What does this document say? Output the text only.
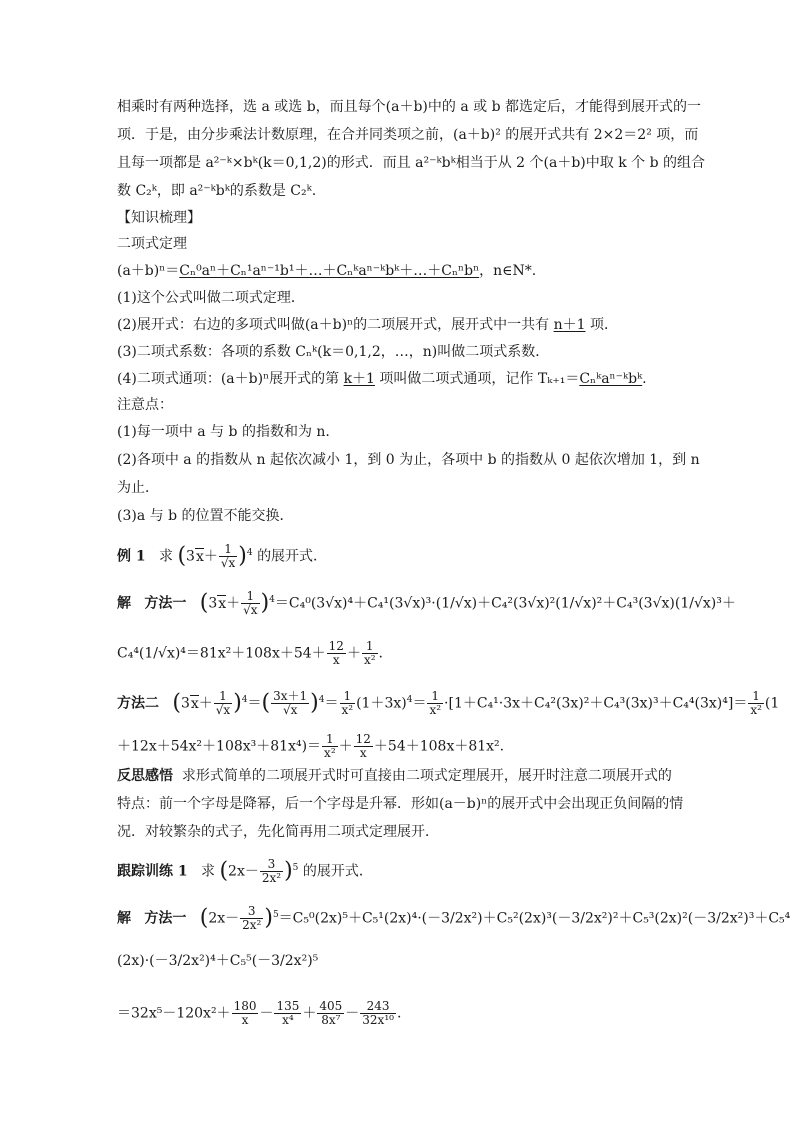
相乘时有两种选择，选 a 或选 b，而且每个(a＋b)中的 a 或 b 都选定后，才能得到展开式的一
项．于是，由分步乘法计数原理，在合并同类项之前，(a＋b)² 的展开式共有 2×2＝2² 项，而
且每一项都是 a²⁻ᵏ×bᵏ(k＝0,1,2)的形式．而且 a²⁻ᵏbᵏ相当于从 2 个(a＋b)中取 k 个 b 的组合
数 C₂ᵏ，即 a²⁻ᵏbᵏ的系数是 C₂ᵏ.
【知识梳理】
二项式定理
(a＋b)ⁿ＝Cₙ⁰aⁿ＋Cₙ¹aⁿ⁻¹b¹＋…＋Cₙᵏaⁿ⁻ᵏbᵏ＋…＋Cₙⁿbⁿ，n∈N*.
(1)这个公式叫做二项式定理．
(2)展开式：右边的多项式叫做(a＋b)ⁿ的二项展开式，展开式中一共有 n＋1 项．
(3)二项式系数：各项的系数 Cₙᵏ(k＝0,1,2，…，n)叫做二项式系数．
(4)二项式通项：(a＋b)ⁿ展开式的第 k＋1 项叫做二项式通项，记作 Tₖ₊₁＝Cₙᵏaⁿ⁻ᵏbᵏ.
注意点：
(1)每一项中 a 与 b 的指数和为 n.
(2)各项中 a 的指数从 n 起依次减小 1，到 0 为止，各项中 b 的指数从 0 起依次增加 1，到 n
为止．
(3)a 与 b 的位置不能交换．
例 1 求 $(3x+ \frac{1}{√x} )^4$ 的展开式．
解 方法一 $(3x+ \frac{1}{√x} )^4=C_4^0(3√x)^4+C_4^1(3√x)^3\cdot(1/√x)+C_4^2(3√x)^2(1/√x)^2+C_4^3(3√x)(1/√x)^3+$
$C_4^4(1/√x)^4=81x^2+108x+54+ \frac{12}{x} + \frac{1}{\text{x²}}$ .
方法二 $(3x+ \frac{1}{√x} )^4=( \frac{3x+1}{√x} )^4= \frac{1}{\text{x²}} (1+3x)^4= \frac{1}{\text{x²}} \cdot[1+C_4^1\cdot 3x+C_4^2(3x)^2+C_4^3(3x)^3+C_4^4(3x)^4]= \frac{1}{\text{x²}} (1$
$+12x+54x^2+108x^3+81x^4)= \frac{1}{\text{x²}} + \frac{12}{x} +54+108x+81x^2$.
反思感悟 求形式简单的二项展开式时可直接由二项式定理展开，展开时注意二项展开式的
特点：前一个字母是降幂，后一个字母是升幂．形如(a－b)ⁿ的展开式中会出现正负间隔的情
况．对较繁杂的式子，先化简再用二项式定理展开．
跟踪训练 1 求 $(2x- \frac{3}{\text{2x²}} )^5$ 的展开式．
解 方法一 $(2x- \frac{3}{\text{2x²}} )^5=C_5^0(2x)^5+C_5^1(2x)^4\cdot(-3/2x^2)+C_5^2(2x)^3(-3/2x^2)^2+C_5^3(2x)^2(-3/2x^2)^3+C_5^4$
(2x)·(－3/2x²)⁴＋C₅⁵(－3/2x²)⁵
$=32x^5-120x^2+ \frac{180}{x} - \frac{135}{\text{x⁴}} + \frac{405}{\text{8x⁷}} - \frac{243}{\text{32x¹⁰}}$ .
